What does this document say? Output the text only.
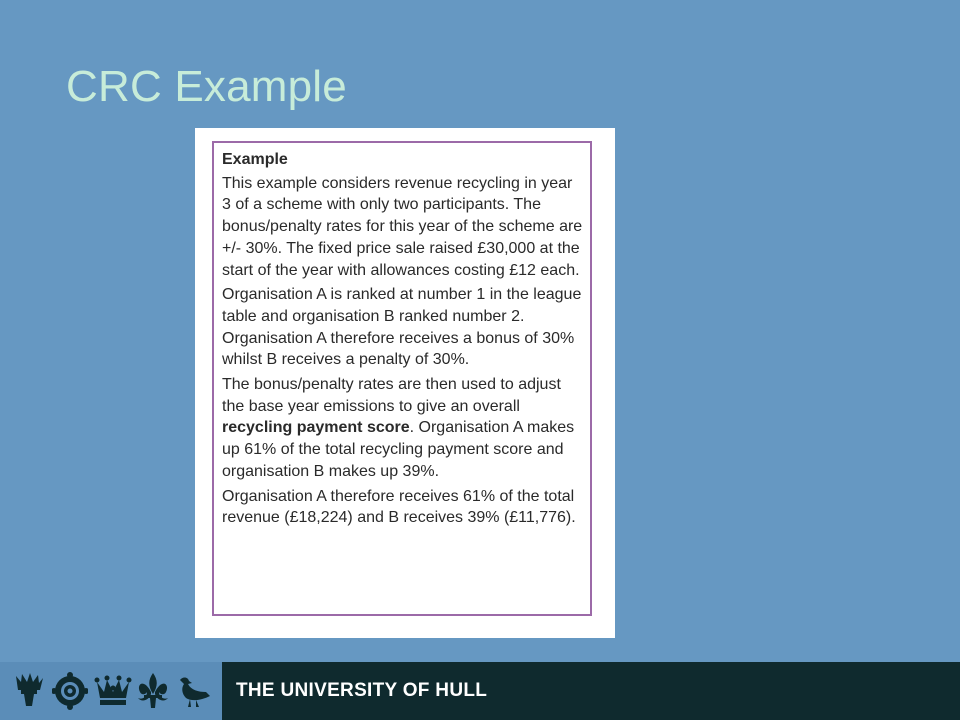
CRC Example

Example

This example considers revenue recycling in year 3 of a scheme with only two participants. The bonus/penalty rates for this year of the scheme are +/- 30%. The fixed price sale raised £30,000 at the start of the year with allowances costing £12 each.

Organisation A is ranked at number 1 in the league table and organisation B ranked number 2. Organisation A therefore receives a bonus of 30% whilst B receives a penalty of 30%.

The bonus/penalty rates are then used to adjust the base year emissions to give an overall recycling payment score. Organisation A makes up 61% of the total recycling payment score and organisation B makes up 39%.

Organisation A therefore receives 61% of the total revenue (£18,224) and B receives 39% (£11,776).

THE UNIVERSITY OF HULL
